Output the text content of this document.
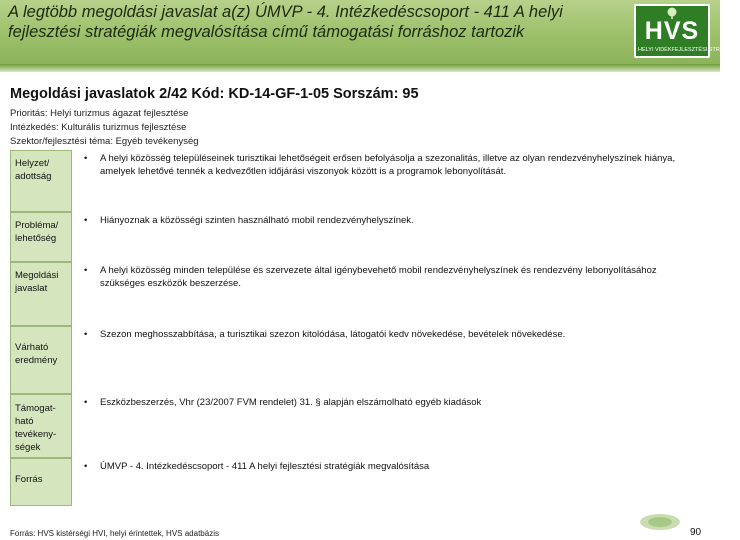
A legtöbb megoldási javaslat a(z) ÚMVP - 4. Intézkedéscsoport - 411 A helyi fejlesztési stratégiák megvalósítása című támogatási forráshoz tartozik	HVS
HELYI VIDÉKFEJLESZTÉSI STRATÉGIA
Megoldási javaslatok 2/42 Kód: KD-14-GF-1-05 Sorszám: 95
Prioritás: Helyi turizmus ágazat fejlesztése
Intézkedés: Kulturális turizmus fejlesztése
Szektor/fejlesztési téma: Egyéb tevékenység
Helyzet/ adottság
• A helyi közösség településeinek turisztikai lehetőségeit erősen befolyásolja a szezonalitás, illetve az olyan rendezvényhelyszínek hiánya, amelyek lehetővé tennék a kedvezőtlen időjárási viszonyok között is a programok lebonyolítását.
Probléma/ lehetőség
• Hiányoznak a közösségi szinten használható mobil rendezvényhelyszínek.
Megoldási javaslat
• A helyi közösség minden települése és szervezete által igénybevehető mobil rendezvényhelyszínek és rendezvény lebonyolításához szükséges eszközök beszerzése.
Várható eredmény
• Szezon meghosszabbítása, a turisztikai szezon kitolódása, látogatói kedv növekedése, bevételek növekedése.
Támogat-ható tevékeny-ségek
• Eszközbeszerzés, Vhr (23/2007 FVM rendelet) 31. § alapján elszámolható egyéb kiadások
Forrás
• ÚMVP - 4. Intézkedéscsoport - 411 A helyi fejlesztési stratégiák megvalósítása
Forrás: HVS kistérségi HVI, helyi érintettek, HVS adatbázis	90
